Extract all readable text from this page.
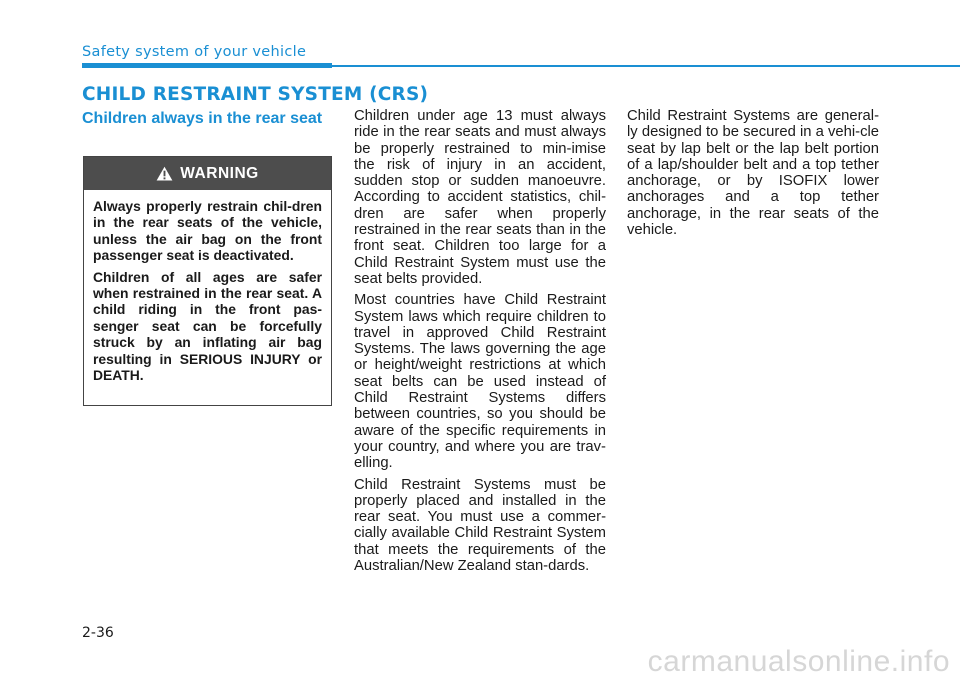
Safety system of your vehicle
CHILD RESTRAINT SYSTEM (CRS)
Children always in the rear seat
WARNING

Always properly restrain chil-dren in the rear seats of the vehicle, unless the air bag on the front passenger seat is deactivated.

Children of all ages are safer when restrained in the rear seat. A child riding in the front pas-senger seat can be forcefully struck by an inflating air bag resulting in SERIOUS INJURY or DEATH.

Children under age 13 must always ride in the rear seats and must always be properly restrained to min-imise the risk of injury in an accident, sudden stop or sudden manoeuvre. According to accident statistics, chil-dren are safer when properly restrained in the rear seats than in the front seat. Children too large for a Child Restraint System must use the seat belts provided.

Most countries have Child Restraint System laws which require children to travel in approved Child Restraint Systems. The laws governing the age or height/weight restrictions at which seat belts can be used instead of Child Restraint Systems differs between countries, so you should be aware of the specific requirements in your country, and where you are trav-elling.

Child Restraint Systems must be properly placed and installed in the rear seat. You must use a commer-cially available Child Restraint System that meets the requirements of the Australian/New Zealand stan-dards.

Child Restraint Systems are general-ly designed to be secured in a vehi-cle seat by lap belt or the lap belt portion of a lap/shoulder belt and a top tether anchorage, or by ISOFIX lower anchorages and a top tether anchorage, in the rear seats of the vehicle.

2-36
carmanualsonline.info
